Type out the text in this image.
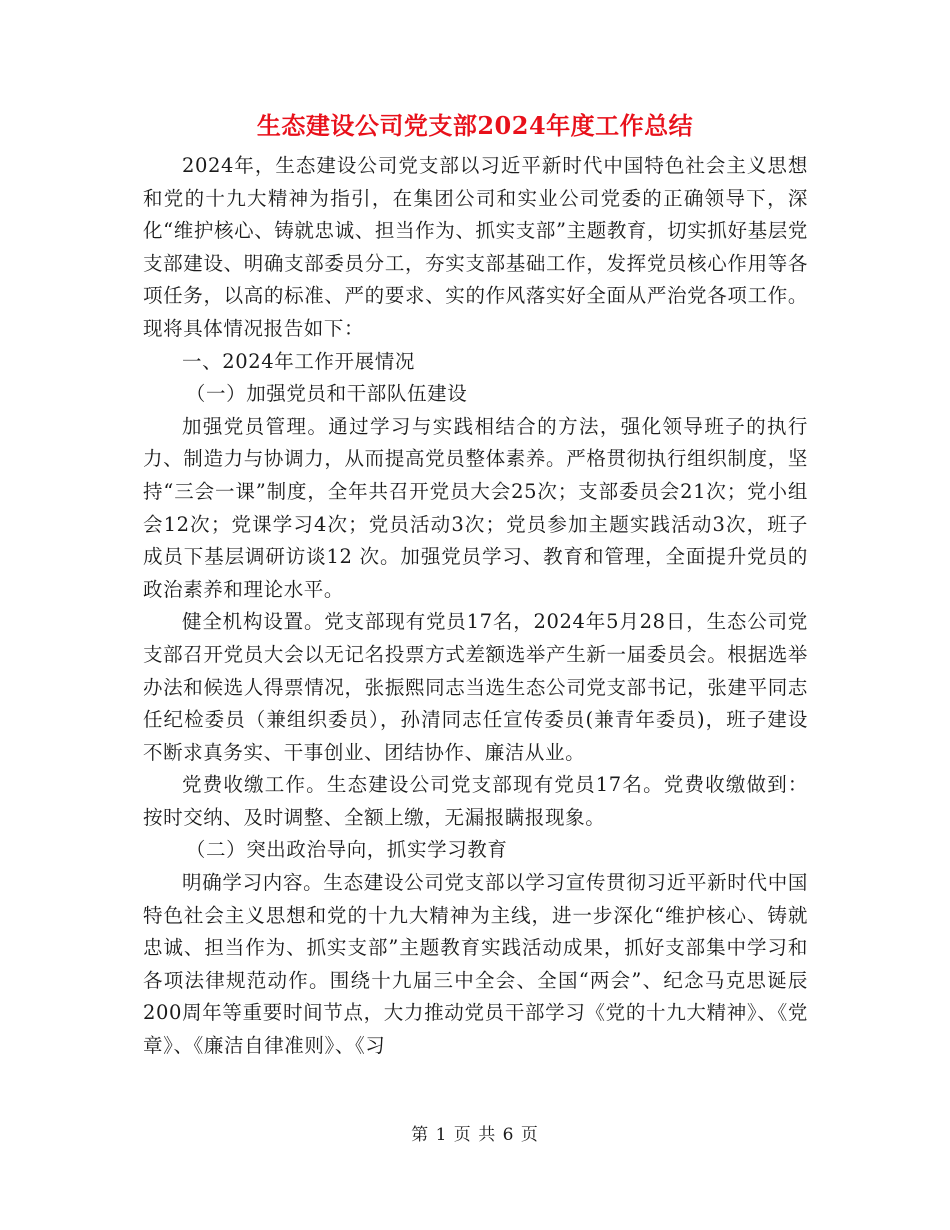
生态建设公司党支部2024年度工作总结

2024年，生态建设公司党支部以习近平新时代中国特色社会主义思想和党的十九大精神为指引，在集团公司和实业公司党委的正确领导下，深化“维护核心、铸就忠诚、担当作为、抓实支部”主题教育，切实抓好基层党支部建设、明确支部委员分工，夯实支部基础工作，发挥党员核心作用等各项任务，以高的标准、严的要求、实的作风落实好全面从严治党各项工作。现将具体情况报告如下：

一、2024年工作开展情况

（一）加强党员和干部队伍建设

加强党员管理。通过学习与实践相结合的方法，强化领导班子的执行力、制造力与协调力，从而提高党员整体素养。严格贯彻执行组织制度，坚持“三会一课”制度，全年共召开党员大会25次；支部委员会21次；党小组会12次；党课学习4次；党员活动3次；党员参加主题实践活动3次，班子成员下基层调研访谈12 次。加强党员学习、教育和管理，全面提升党员的政治素养和理论水平。

健全机构设置。党支部现有党员17名，2024年5月28日，生态公司党支部召开党员大会以无记名投票方式差额选举产生新一届委员会。根据选举办法和候选人得票情况，张振熙同志当选生态公司党支部书记，张建平同志任纪检委员（兼组织委员），孙清同志任宣传委员(兼青年委员)，班子建设不断求真务实、干事创业、团结协作、廉洁从业。

党费收缴工作。生态建设公司党支部现有党员17名。党费收缴做到：按时交纳、及时调整、全额上缴，无漏报瞒报现象。

（二）突出政治导向，抓实学习教育

明确学习内容。生态建设公司党支部以学习宣传贯彻习近平新时代中国特色社会主义思想和党的十九大精神为主线，进一步深化“维护核心、铸就忠诚、担当作为、抓实支部”主题教育实践活动成果，抓好支部集中学习和各项法律规范动作。围绕十九届三中全会、全国“两会”、纪念马克思诞辰200周年等重要时间节点，大力推动党员干部学习《党的十九大精神》、《党章》、《廉洁自律准则》、《习

第 1 页 共 6 页
